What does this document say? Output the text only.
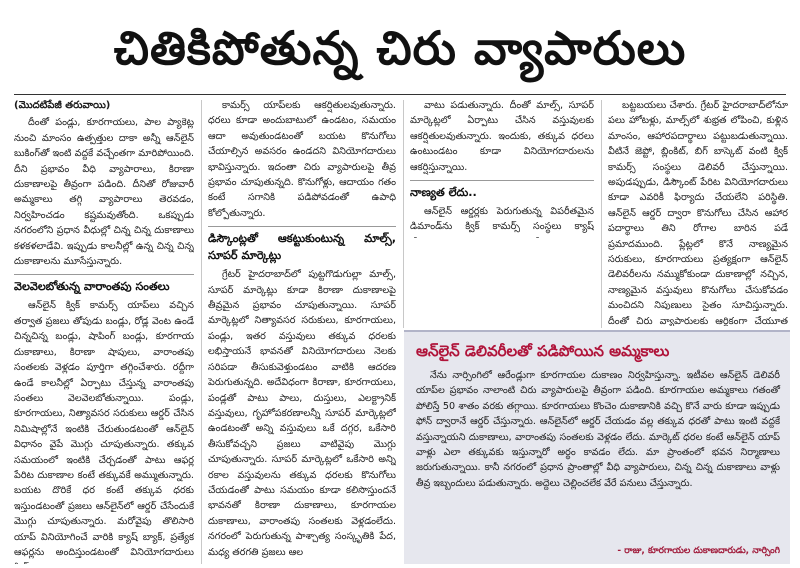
చితికిపోతున్న చిరు వ్యాపారులు

(మొదటిపేజీ తరువాయి)

దీంతో పండ్లు, కూరగాయలు, పాల ప్యాకెట్ల నుంచి మాంసం ఉత్పత్తుల దాకా అన్నీ ఆన్‌లైన్ బుకింగ్‌తో ఇంటి వద్దకే వచ్చేంతగా మారిపోయింది. దీని ప్రభావం వీధి వ్యాపారాలు, కిరాణా దుకాణాలపై తీవ్రంగా పడింది. దీనితో రోజువారీ అమ్మకాలు తగ్గి వ్యాపారాలు తెరవడం, నిర్వహించడం కష్టమవుతోంది. ఒకప్పుడు నగరంలోని ప్రధాన వీధుల్లో చిన్న చిన్న దుకాణాలు కళకళలాడేవి. ఇప్పుడు కాలనీల్లో ఉన్న చిన్న చిన్న దుకాణాలను మూసేస్తున్నారు.

వెలవెలబోతున్న వారాంతపు సంతలు

ఆన్‌లైన్ క్విక్ కామర్స్ యాప్‌లు వచ్చిన తర్వాత ప్రజలు తోపుడు బండ్లు, రోడ్ల వెంట ఉండే చిన్నచిన్న బండ్లు, షాపింగ్ బండ్లు, కూరగాయ దుకాణాలు, కిరాణా షాపులు, వారాంతపు సంతలకు వెళ్లడం పూర్తిగా తగ్గించేశారు. రద్దీగా ఉండే కాలనీల్లో ఏర్పాటు చేస్తున్న వారాంతపు సంతలు వెలవెలబోతున్నాయి. పండ్లు, కూరగాయలు, నిత్యావసర సరుకులు ఆర్డర్ చేసిన నిమిషాల్లోనే ఇంటికి చేరుతుండటంతో ఆన్‌లైన్ విధానం వైపే మొగ్గు చూపుతున్నారు. తక్కువ సమయంలో ఇంటికి చేర్చడంతో పాటు ఆఫర్ల పేరిట దుకాణాల కంటే తక్కువకే అమ్ముతున్నారు. బయట దొరికే ధర కంటే తక్కువ ధరకు ఇస్తుండటంతో ప్రజలు ఆన్‌లైన్‌లో ఆర్డర్ చేసేందుకే మొగ్గు చూపుతున్నారు. మరోవైపు తొలిసారి యాప్ వినియోగించే వారికి క్యాష్ బ్యాక్, ప్రత్యేక ఆఫర్లను అందిస్తుండటంతో వినియోగదారులు

కామర్స్ యాప్‌లకు ఆకర్షితులవుతున్నారు. ధరలు కూడా అందుబాటులో ఉండటం, సమయం ఆదా అవుతుండటంతో బయట కొనుగోలు చేయాల్సిన అవసరం ఉండదని వినియోగదారులు భావిస్తున్నారు. ఇదంతా చిరు వ్యాపారులపై తీవ్ర ప్రభావం చూపుతున్నది. కొనుగోళ్లు, ఆదాయం గతం కంటే సగానికి పడిపోవడంతో ఉపాధి కోల్పోతున్నారు.

డిస్కౌంట్లతో ఆకట్టుకుంటున్న మాల్స్, సూపర్ మార్కెట్లు

గ్రేటర్ హైదరాబాద్‌లో పుట్టగొడుగుల్లా మాల్స్, సూపర్ మార్కెట్లు కూడా కిరాణా దుకాణాలపై తీవ్రమైన ప్రభావం చూపుతున్నాయి. సూపర్ మార్కెట్లలో నిత్యావసర సరుకులు, కూరగాయలు, పండ్లు, ఇతర వస్తువులు తక్కువ ధరలకు లభిస్తాయనే భావనతో వినియోగదారులు నెలకు సరిపడా తీసుకువెళ్తుండటం వాటికి ఆదరణ పెరుగుతున్నది. అదేవిధంగా కిరాణా, కూరగాయలు, పండ్లతో పాటు పాలు, దుస్తులు, ఎలక్ట్రానిక్ వస్తువులు, గృహోపకరణాలన్నీ సూపర్ మార్కెట్లలో ఉండటంతో అన్ని వస్తువులు ఒకే దగ్గర, ఒకేసారి తీసుకోవచ్చని ప్రజలు వాటివైపు మొగ్గు చూపుతున్నారు. సూపర్ మార్కెట్లలో ఒకేసారి అన్ని రకాల వస్తువులను తక్కువ ధరలకు కొనుగోలు చేయడంతో పాటు సమయం కూడా కలిసొస్తుందనే భావనతో కిరాణా దుకాణాలు, కూరగాయల దుకాణాలు, వారాంతపు సంతలకు వెళ్లడంలేదు. నగరంలో పెరుగుతున్న పాశ్చాత్య సంస్కృతికి పేద, మధ్య తరగతి ప్రజలు ఆల

వాటు పడుతున్నారు. దీంతో మాల్స్, సూపర్ మార్కెట్లలో ఏర్పాటు చేసిన వస్తువులకు ఆకర్షితులవుతున్నారు. ఇందుకు, తక్కువ ధరలు ఉంటుండటం కూడా వినియోగదారులను ఆకర్షిస్తున్నాయి.

నాణ్యత లేదు..

ఆన్‌లైన్ ఆర్డర్లకు పెరుగుతున్న విపరీతమైన డిమాండ్‌ను క్విక్ కామర్స్ సంస్థలు క్యాష్

బట్టబయలు చేశారు. గ్రేటర్ హైదరాబాద్‌లోనూ పలు హోటళ్లు, మాల్స్‌లో శుభ్రత లోపించి, కుళ్లిన మాంసం, ఆహారపదార్థాలు పట్టుబడుతున్నాయి. వీటినే జెప్టో, బ్లింకిట్, బిగ్ బాస్కెట్ వంటి క్విక్ కామర్స్ సంస్థలు డెలివరీ చేస్తున్నాయి. అపుడప్పుడు, డిస్కౌంట్ పేరిట వినియోగదారులు కూడా ఎవరికీ ఫిర్యాదు చేయలేని పరిస్థితి. ఆన్‌లైన్ ఆర్డర్ ద్వారా కొనుగోలు చేసిన ఆహార పదార్థాలు తిని రోగాల బారిన పడే ప్రమాదముంది. ప్లేట్లలో కొనే నాణ్యమైన సరుకులు, కూరగాయలు ప్రత్యక్షంగా ఆన్‌లైన్ డెలివరీలను నమ్ముకోకుండా దుకాణాల్లో నచ్చిన, నాణ్యమైన వస్తువులు కొనుగోలు చేసుకోవడం మంచిదని నిపుణులు సైతం సూచిస్తున్నారు. దీంతో చిరు వ్యాపారులకు ఆర్థికంగా చేయూత

ఆన్‌లైన్ డెలివరీలతో పడిపోయిన అమ్మకాలు

నేను నార్సింగిలో ఆరేండ్లుగా కూరగాయల దుకాణం నిర్వహిస్తున్నా. ఇటీవల ఆన్‌లైన్ డెలివరీ యాప్‌ల ప్రభావం నాలాంటి చిరు వ్యాపారులపై తీవ్రంగా పడింది. కూరగాయల అమ్మకాలు గతంతో పోలిస్తే 50 శాతం వరకు తగ్గాయి. కూరగాయలు కొంచెం దుకాణానికి వచ్చి కొనే వారు కూడా ఇప్పుడు ఫోన్ ద్వారానే ఆర్డర్ చేస్తున్నారు. ఆన్‌లైన్‌లో ఆర్డర్ చేయడం వల్ల తక్కువ ధరతో పాటు ఇంటి వద్దకే వస్తున్నాయని దుకాణాలు, వారాంతపు సంతలకు వెళ్లడం లేదు. మార్కెట్ ధరల కంటే ఆన్‌లైన్ యాప్ వాళ్లు ఎలా తక్కువకు ఇస్తున్నారో అర్థం కావడం లేదు. మా ప్రాంతంలో భవన నిర్మాణాలు జరుగుతున్నాయి. కానీ నగరంలో ప్రధాన ప్రాంతాల్లో వీధి వ్యాపారులు, చిన్న చిన్న దుకాణాలు వాళ్లు తీవ్ర ఇబ్బందులు పడుతున్నారు. అద్దెలు చెల్లించలేక వేరే పనులు చేస్తున్నారు.

- రాజు, కూరగాయల దుకాణదారుడు, నార్సింగి
